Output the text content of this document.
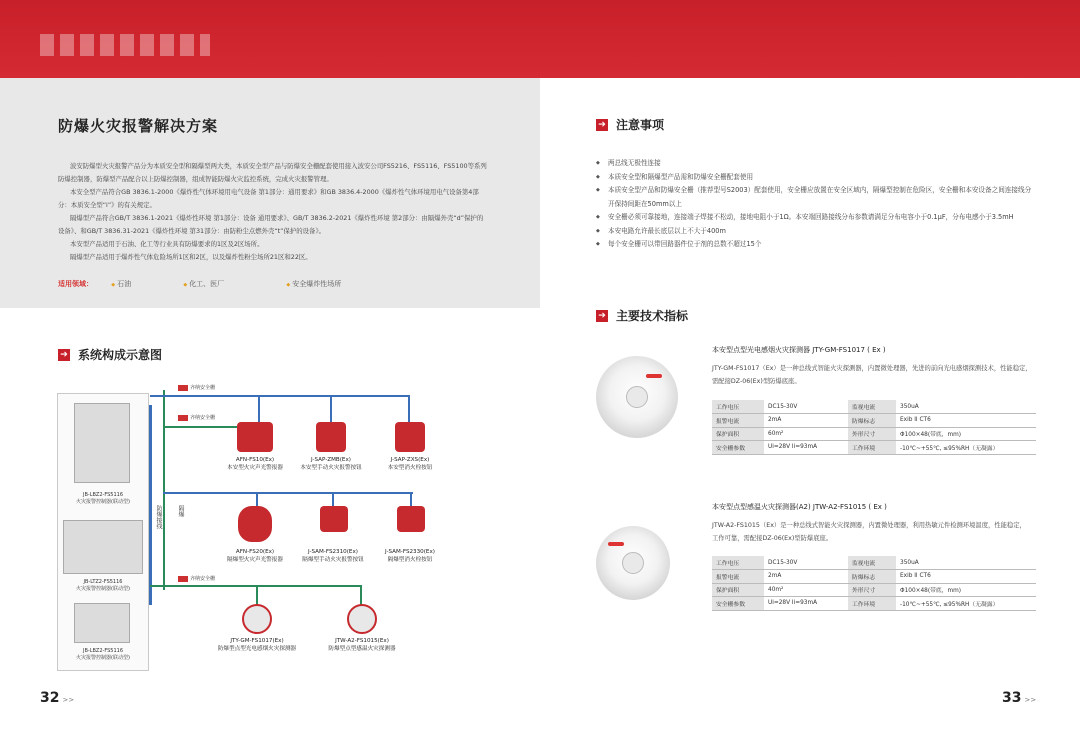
防爆火灾报警解决方案

波安防爆型火灾报警产品分为本质安全型和隔爆型两大类，本质安全型产品与防爆安全栅配套使用接入波安公司FS5216、FS5116、FS5100等系列防爆控制器，防爆型产品配合以上防爆控制器，组成智能防爆火灾监控系统，完成火灾报警管理。

本安全型产品符合GB 3836.1-2000《爆炸性气体环境用电气设备 第1部分：通用要求》和GB 3836.4-2000《爆炸性气体环境用电气设备第4部分：本质安全型“i”》的有关规定。

隔爆型产品符合GB/T 3836.1-2021《爆炸性环境 第1部分：设备 通用要求》、GB/T 3836.2-2021《爆炸性环境 第2部分：由隔爆外壳“d”保护的设备》、和GB/T 3836.31-2021《爆炸性环境 第31部分：由防粉尘点燃外壳“t”保护的设备》。

本安型产品适用于石油、化工等行业具有防爆要求的1区及2区场所。

隔爆型产品适用于爆炸性气体危险场所1区和2区，以及爆炸性粉尘场所21区和22区。

适用领域：	◆ 石油	◆ 化工、医厂	◆ 安全爆炸性场所
➔ 系统构成示意图
JB-LBZ2-FS5116
火灾报警控制器(联动型)
JB-LTZ2-FS5116
火灾报警控制器(联动型)
JB-LBZ2-FS5116
火灾报警控制器(联动型)
防爆接线	隔爆
齐纳安全栅
齐纳安全栅
齐纳安全栅
AFN-FS10(Ex)
本安型火灾声光警报器
J-SAP-ZMB(Ex)
本安型手动火灾报警按钮
J-SAP-ZXS(Ex)
本安型消火栓按钮
AFN-FS20(Ex)
隔爆型火灾声光警报器
J-SAM-FS2310(Ex)
隔爆型手动火灾报警按钮
J-SAM-FS2330(Ex)
隔爆型消火栓按钮
JTY-GM-FS1017(Ex)
防爆型点型光电感烟火灾探测器
JTW-A2-FS1015(Ex)
防爆型点型感温火灾探测器
32 >>
➔ 注意事项
◆ 两总线无极性连接
◆ 本质安全型和隔爆型产品需和防爆安全栅配套使用
◆ 本质安全型产品和防爆安全栅（推荐型号S2003）配套使用，安全栅应放置在安全区域内，隔爆型控制在危险区，安全栅和本安设备之间连接线分开保持间距在50mm以上
◆ 安全栅必须可靠接地，连接端子焊接不松动，接地电阻小于1Ω。本安端回路接线分布参数请满足分布电容小于0.1μF，分布电感小于3.5mH
◆ 本安电路允许最长底层以上不大于400m
◆ 每个安全栅可以带回路器件位于剂的总数不超过15个
➔ 主要技术指标
本安型点型光电感烟火灾探测器 JTY-GM-FS1017 ( Ex )
JTY-GM-FS1017（Ex）是一种总线式智能火灾探测器，内置微处理器，先进的前向光电感烟探测技术，性能稳定，需配接DZ-06(Ex)型防爆底座。
工作电压	DC15-30V	监视电流	350uA
报警电流	2mA	防爆标志	Exib II CT6
保护面积	60m²	外形尺寸	Φ100×48(带底，mm)
安全栅参数	Ui=28V Ii=93mA	工作环境	-10℃~+55℃, ≤95%RH（无凝露）
本安型点型感温火灾探测器(A2) JTW-A2-FS1015 ( Ex )
JTW-A2-FS1015（Ex）是一种总线式智能火灾探测器，内置微处理器，利用热敏元件检测环境温度，性能稳定，工作可靠，需配接DZ-06(Ex)型防爆底座。
工作电压	DC15-30V	监视电流	350uA
报警电流	2mA	防爆标志	Exib II CT6
保护面积	40m²	外形尺寸	Φ100×48(带底，mm)
安全栅参数	Ui=28V Ii=93mA	工作环境	-10℃~+55℃, ≤95%RH（无凝露）
33 >>
